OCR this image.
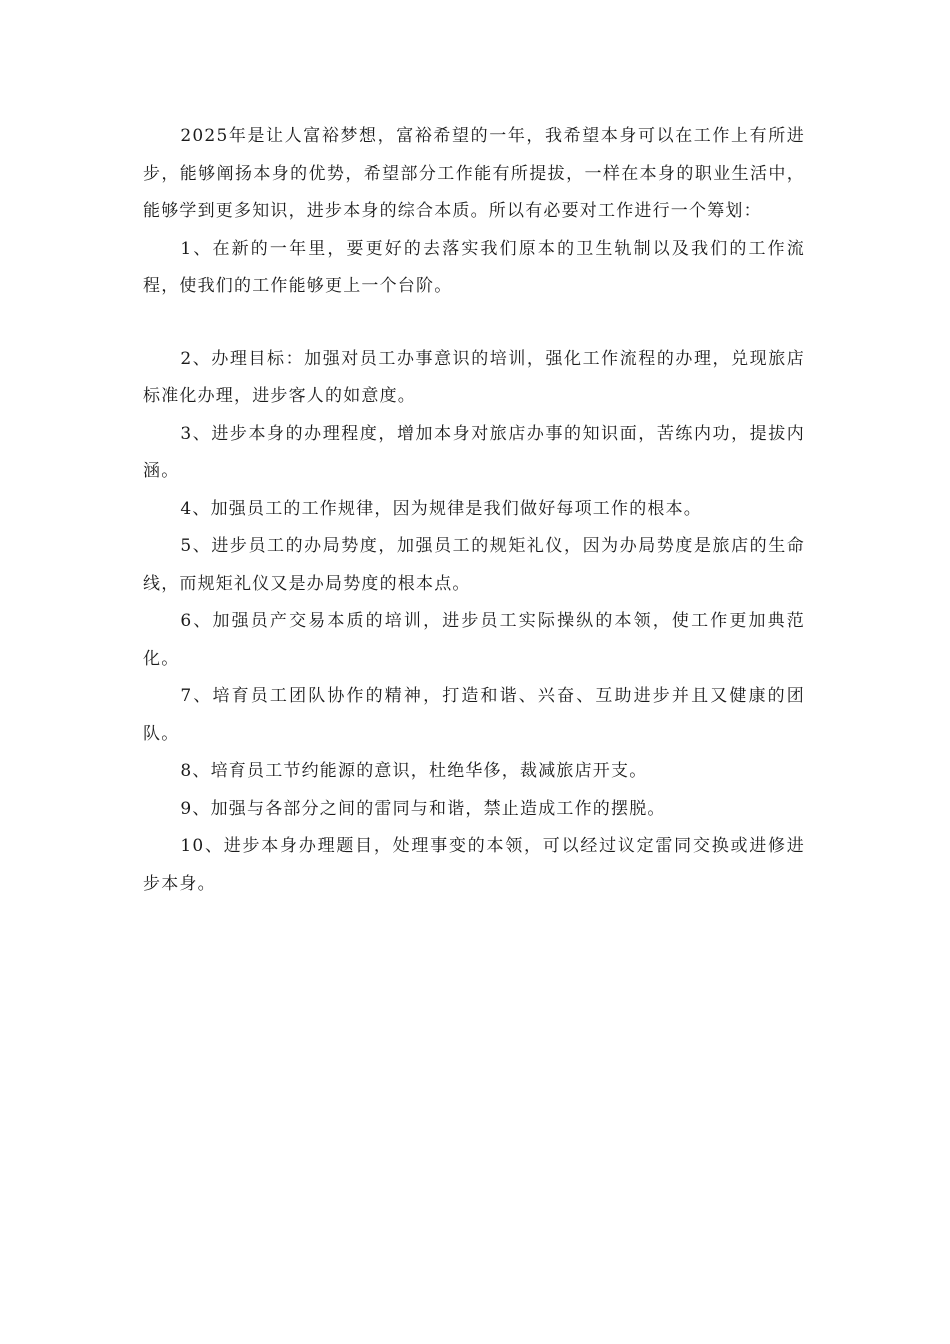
2025年是让人富裕梦想，富裕希望的一年，我希望本身可以在工作上有所进步，能够阐扬本身的优势，希望部分工作能有所提拔，一样在本身的职业生活中，能够学到更多知识，进步本身的综合本质。所以有必要对工作进行一个筹划：

1、在新的一年里，要更好的去落实我们原本的卫生轨制以及我们的工作流程，使我们的工作能够更上一个台阶。

2、办理目标：加强对员工办事意识的培训，强化工作流程的办理，兑现旅店标准化办理，进步客人的如意度。

3、进步本身的办理程度，增加本身对旅店办事的知识面，苦练内功，提拔内涵。

4、加强员工的工作规律，因为规律是我们做好每项工作的根本。

5、进步员工的办局势度，加强员工的规矩礼仪，因为办局势度是旅店的生命线，而规矩礼仪又是办局势度的根本点。

6、加强员产交易本质的培训，进步员工实际操纵的本领，使工作更加典范化。

7、培育员工团队协作的精神，打造和谐、兴奋、互助进步并且又健康的团队。

8、培育员工节约能源的意识，杜绝华侈，裁减旅店开支。

9、加强与各部分之间的雷同与和谐，禁止造成工作的摆脱。

10、进步本身办理题目，处理事变的本领，可以经过议定雷同交换或进修进步本身。
